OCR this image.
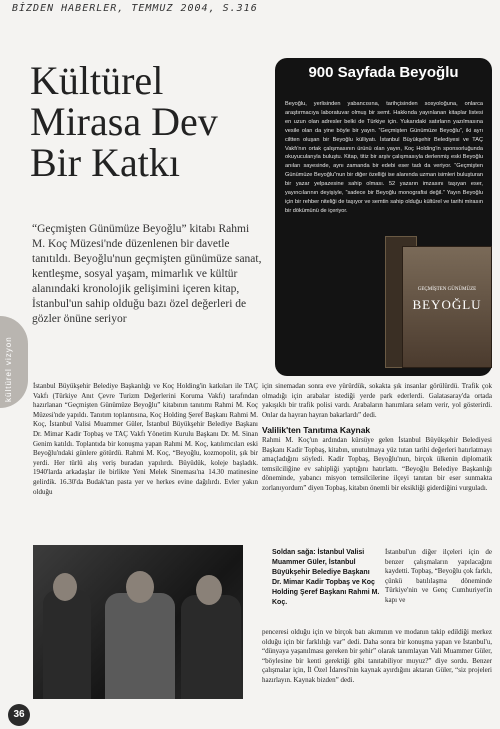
BİZDEN HABERLER, TEMMUZ 2004, S.316
Kültürel
Mirasa Dev
Bir Katkı
“Geçmişten Günümüze Beyoğlu” kitabı Rahmi M. Koç Müzesi'nde düzenlenen bir davetle tanıtıldı. Beyoğlu'nun geçmişten günümüze sanat, kentleşme, sosyal yaşam, mimarlık ve kültür alanındaki kronolojik gelişimini içeren kitap, İstanbul'un sahip olduğu bazı özel değerleri de gözler önüne seriyor
900 Sayfada Beyoğlu
Beyoğlu, yerlisinden yabancısına, tarihçisinden sosyoloğuna, onlarca araştırmacıya laboratuvar olmuş bir semt. Hakkında yayınlanan kitaplar listesi en uzun olan adresler belki de Türkiye için. Yukarıdaki satırların yazılmasına vesile olan da yine böyle bir yayın. “Geçmişten Günümüze Beyoğlu”, iki ayrı ciltten oluşan bir Beyoğlu külliyatı. İstanbul Büyükşehir Belediyesi ve TAÇ Vakfı'nın ortak çalışmasının ürünü olan yayın, Koç Holding'in sponsorluğunda okuyucularıyla buluştu. Kitap, titiz bir arşiv çalışmasıyla derlenmiş eski Beyoğlu anıları sayesinde, aynı zamanda bir edebi eser tadı da veriyor. “Geçmişten Günümüze Beyoğlu”nun bir diğer özelliği ise alanında uzman isimleri buluşturan bir yazar yelpazesine sahip olması. 52 yazarın imzasını taşıyan eser, yayıncılarının deyişiyle, “sadece bir Beyoğlu monografisi değil.” Yayın Beyoğlu için bir rehber niteliği de taşıyor ve semtin sahip olduğu kültürel ve tarihi mirasın bir dökümünü de içeriyor.
GEÇMİŞTEN GÜNÜMÜZE
BEYOĞLU
kültürel vizyon	İstanbul Büyükşehir Belediye Başkanlığı ve Koç Holding'in katkıları ile TAÇ Vakfı (Türkiye Anıt Çevre Turizm Değerlerini Koruma Vakfı) tarafından hazırlanan “Geçmişten Günümüze Beyoğlu” kitabının tanıtımı Rahmi M. Koç Müzesi'nde yapıldı. Tanıtım toplantısına, Koç Holding Şeref Başkanı Rahmi M. Koç, İstanbul Valisi Muammer Güler, İstanbul Büyükşehir Belediye Başkanı Dr. Mimar Kadir Topbaş ve TAÇ Vakfı Yönetim Kurulu Başkanı Dr. M. Sinan Genim katıldı. Toplantıda bir konuşma yapan Rahmi M. Koç, katılımcıları eski Beyoğlu'ndaki günlere götürdü. Rahmi M. Koç, “Beyoğlu, kozmopolit, şık bir yerdi. Her türlü alış veriş buradan yapılırdı. Büyüdük, koleje başladık. 1940'larda arkadaşlar ile birlikte Yeni Melek Sineması'na 14.30 matinesine gelirdik. 16.30'da Budak'tan pasta yer ve herkes evine dağılırdı. Evler yakın olduğu
için sinemadan sonra eve yürürdük, sokakta şık insanlar görülürdü. Trafik çok olmadığı için arabalar istediği yerde park ederlerdi. Galatasaray'da ortada yakışıklı bir trafik polisi vardı. Arabaların hanımlara selam verir, yol gösterirdi. Onlar da hayran hayran bakarlardı” dedi.
Valilik'ten Tanıtıma Kaynak
Rahmi M. Koç'un ardından kürsüye gelen İstanbul Büyükşehir Belediyesi Başkanı Kadir Topbaş, kitabın, unutulmaya yüz tutan tarihi değerleri hatırlatmayı amaçladığını söyledi. Kadir Topbaş, Beyoğlu'nun, birçok ülkenin diplomatik temsilciliğine ev sahipliği yaptığını hatırlattı. “Beyoğlu Belediye Başkanlığı döneminde, yabancı misyon temsilcilerine ilçeyi tanıtan bir eser sunmakta zorlanıyordum” diyen Topbaş, kitabın önemli bir eksikliği giderdiğini vurguladı.
Soldan sağa: İstanbul Valisi Muammer Güler, İstanbul Büyükşehir Belediye Başkanı Dr. Mimar Kadir Topbaş ve Koç Holding Şeref Başkanı Rahmi M. Koç.
İstanbul'un diğer ilçeleri için de benzer çalışmaların yapılacağını kaydetti. Topbaş, “Beyoğlu çok farklı, çünkü batılılaşma döneminde Türkiye'nin ve Genç Cumhuriyet'in kapı ve
penceresi olduğu için ve birçok batı akımının ve modanın takip edildiği merkez olduğu için bir farklılığı var” dedi. Daha sonra bir konuşma yapan ve İstanbul'u, “dünyaya yaşanılması gereken bir şehir” olarak tanımlayan Vali Muammer Güler, “böylesine bir kenti gerektiği gibi tanıtabiliyor muyuz?” diye sordu. Benzer çalışmalar için, İl Özel İdaresi'nin kaynak ayırdığını aktaran Güler, “siz projeleri hazırlayın. Kaynak bizden” dedi.
36
